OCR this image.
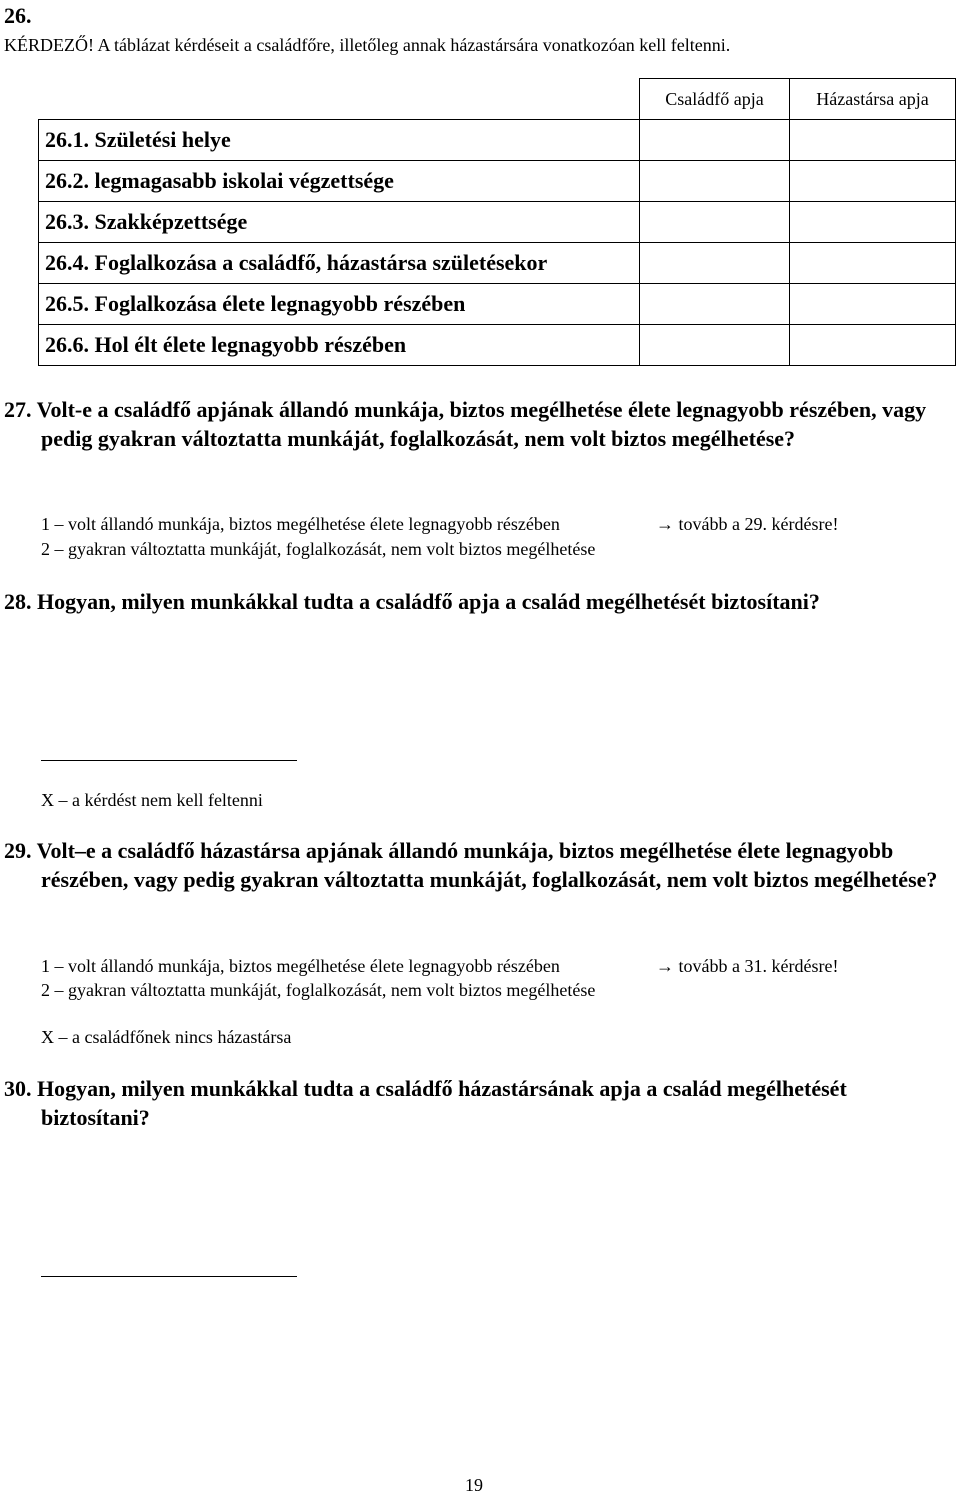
26.
KÉRDEZŐ! A táblázat kérdéseit a családfőre, illetőleg annak házastársára vonatkozóan kell feltenni.
	Családfő apja	Házastársa apja
26.1. Születési helye		
26.2. legmagasabb iskolai végzettsége		
26.3. Szakképzettsége		
26.4. Foglalkozása a családfő, házastársa születésekor		
26.5. Foglalkozása élete legnagyobb részében		
26.6. Hol élt élete legnagyobb részében		
27. Volt-e a családfő apjának állandó munkája, biztos megélhetése élete legnagyobb részében, vagy pedig gyakran változtatta munkáját, foglalkozását, nem volt biztos megélhetése?
1 – volt állandó munkája, biztos megélhetése élete legnagyobb részében	→ tovább a 29. kérdésre!
2 – gyakran változtatta munkáját, foglalkozását, nem volt biztos megélhetése
28. Hogyan, milyen munkákkal tudta a családfő apja a család megélhetését biztosítani?
X – a kérdést nem kell feltenni
29. Volt–e a családfő házastársa apjának állandó munkája, biztos megélhetése élete legnagyobb részében, vagy pedig gyakran változtatta munkáját, foglalkozását, nem volt biztos megélhetése?
1 – volt állandó munkája, biztos megélhetése élete legnagyobb részében	→ tovább a 31. kérdésre!
2 – gyakran változtatta munkáját, foglalkozását, nem volt biztos megélhetése
X – a családfőnek nincs házastársa
30. Hogyan, milyen munkákkal tudta a családfő házastársának apja a család megélhetését biztosítani?
19
